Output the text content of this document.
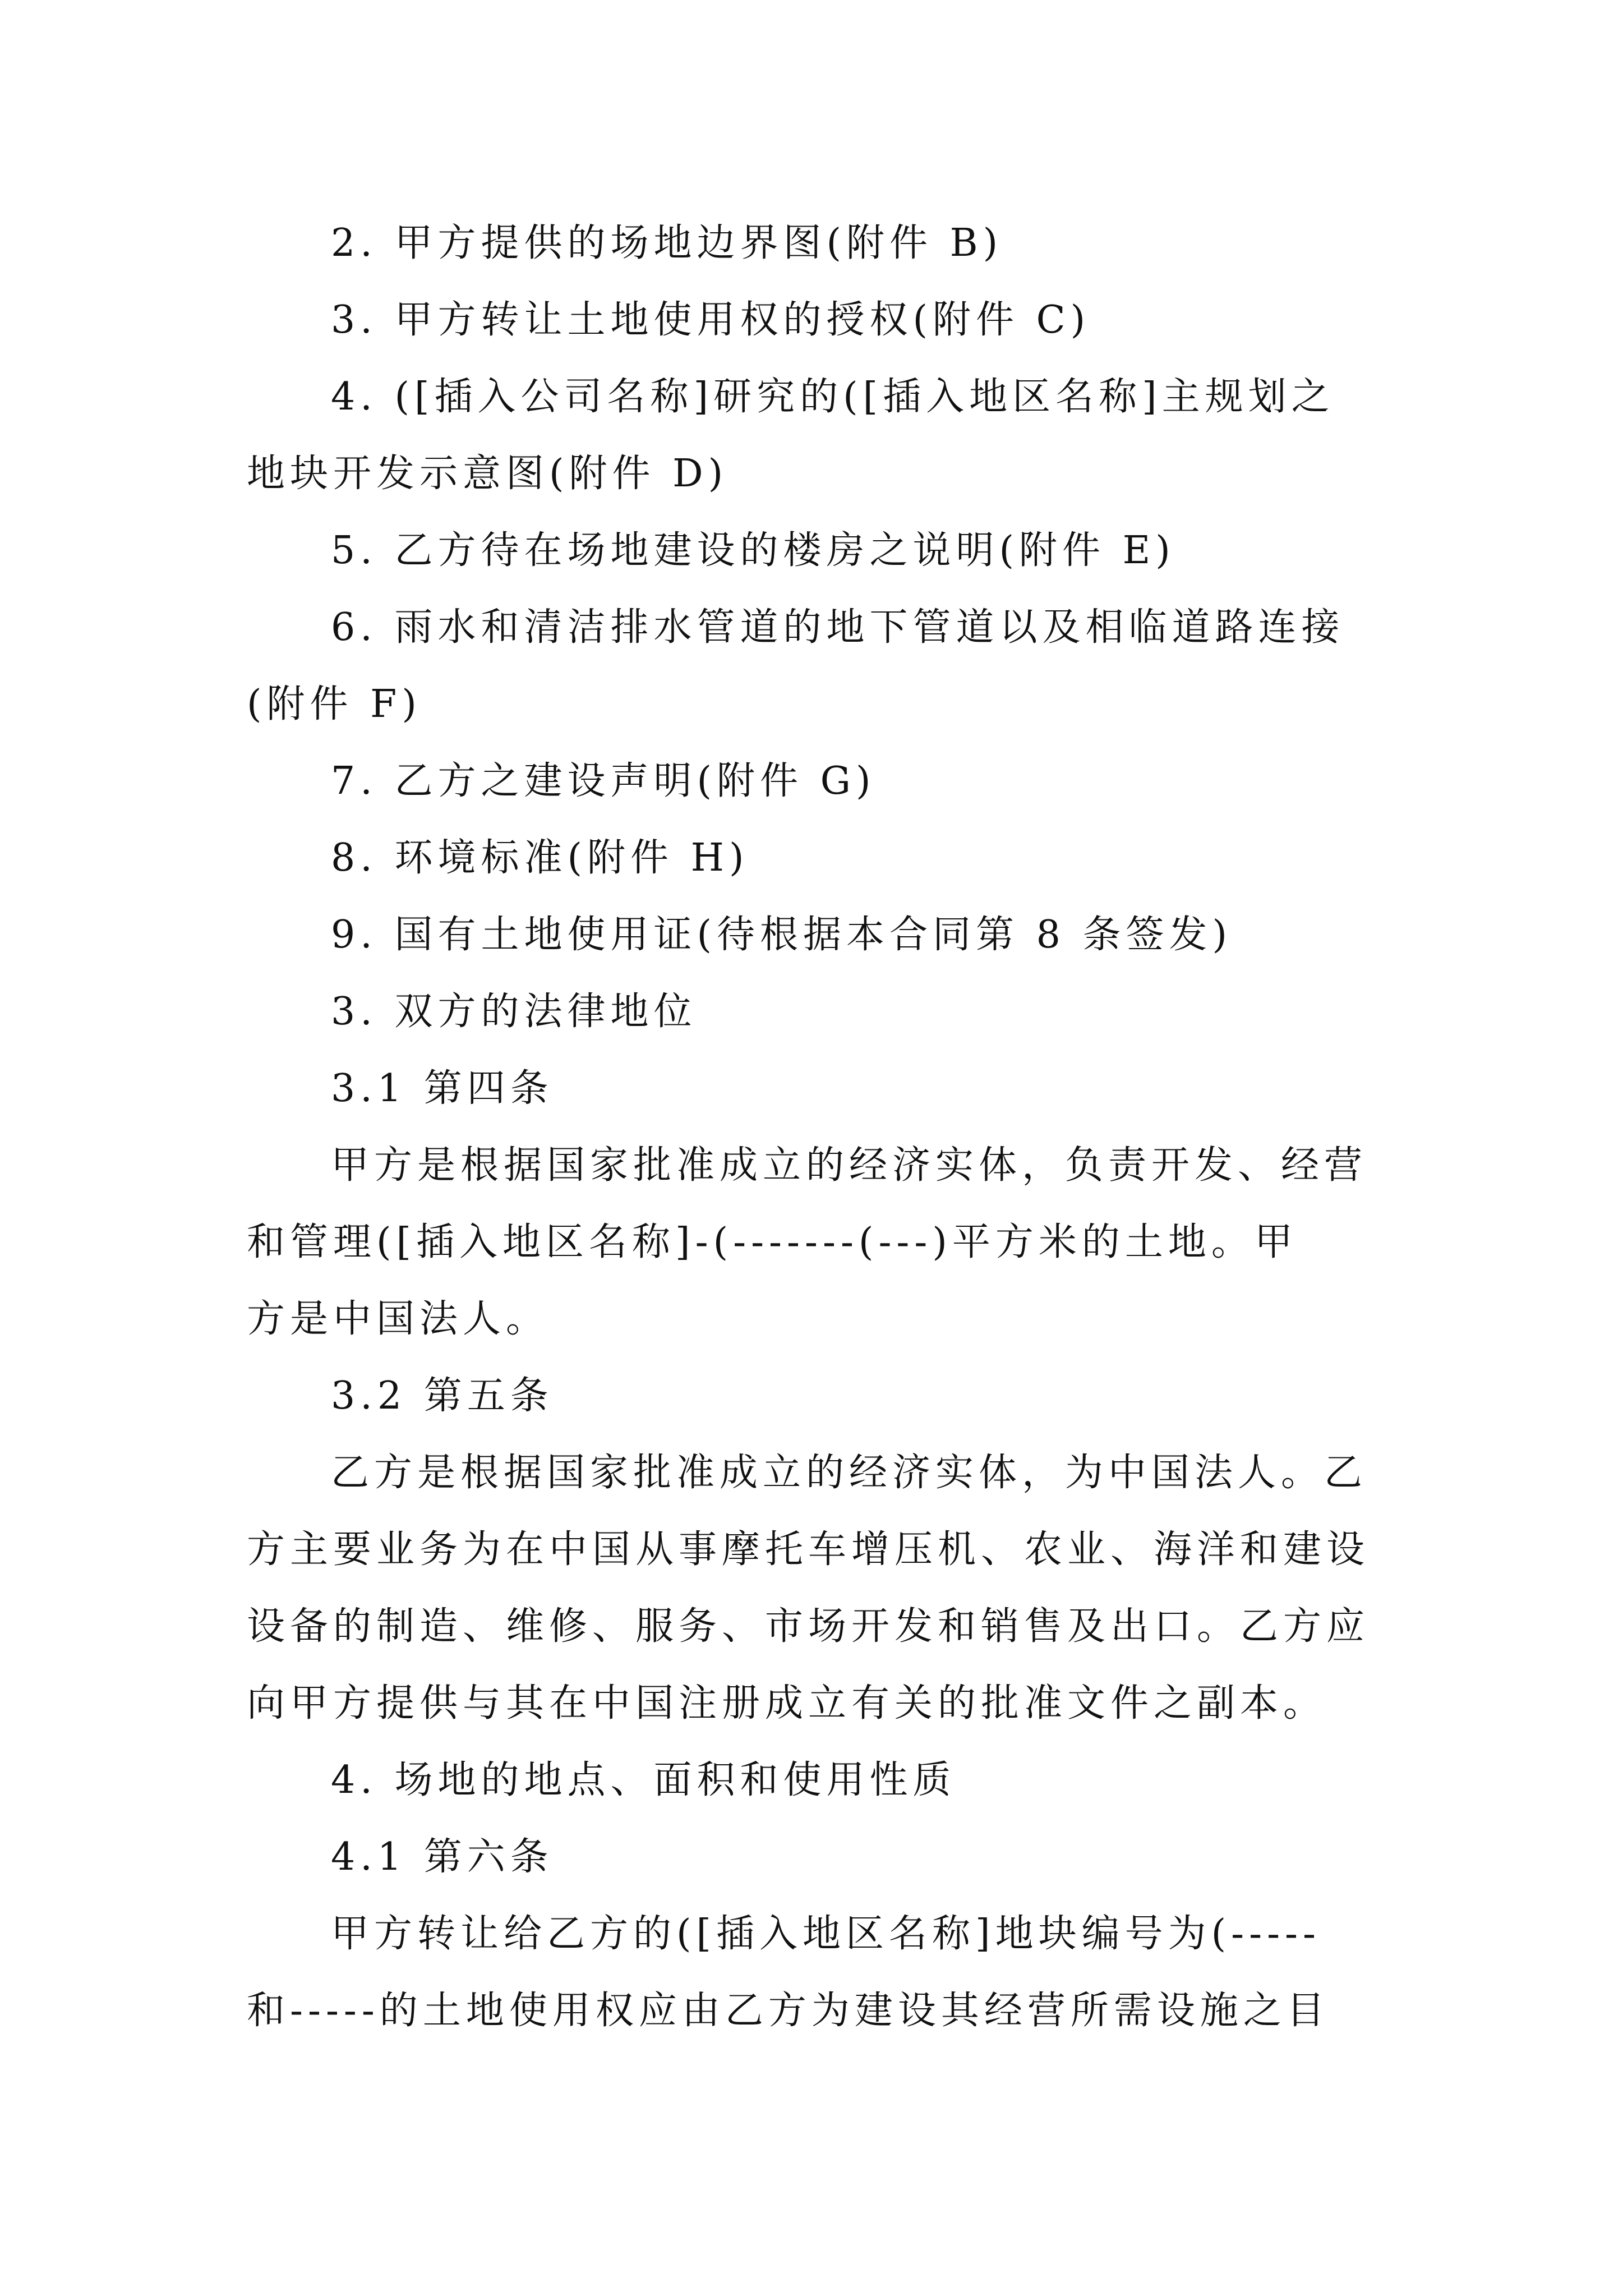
2. 甲方提供的场地边界图(附件 B)
3. 甲方转让土地使用权的授权(附件 C)
4. ([插入公司名称]研究的([插入地区名称]主规划之
地块开发示意图(附件 D)
5. 乙方待在场地建设的楼房之说明(附件 E)
6. 雨水和清洁排水管道的地下管道以及相临道路连接
(附件 F)
7. 乙方之建设声明(附件 G)
8. 环境标准(附件 H)
9. 国有土地使用证(待根据本合同第 8 条签发)
3. 双方的法律地位
3.1 第四条
甲方是根据国家批准成立的经济实体，负责开发、经营
和管理([插入地区名称]-(-------(---)平方米的土地。甲
方是中国法人。
3.2 第五条
乙方是根据国家批准成立的经济实体，为中国法人。乙
方主要业务为在中国从事摩托车增压机、农业、海洋和建设
设备的制造、维修、服务、市场开发和销售及出口。乙方应
向甲方提供与其在中国注册成立有关的批准文件之副本。
4. 场地的地点、面积和使用性质
4.1 第六条
甲方转让给乙方的([插入地区名称]地块编号为(-----
和-----的土地使用权应由乙方为建设其经营所需设施之目
